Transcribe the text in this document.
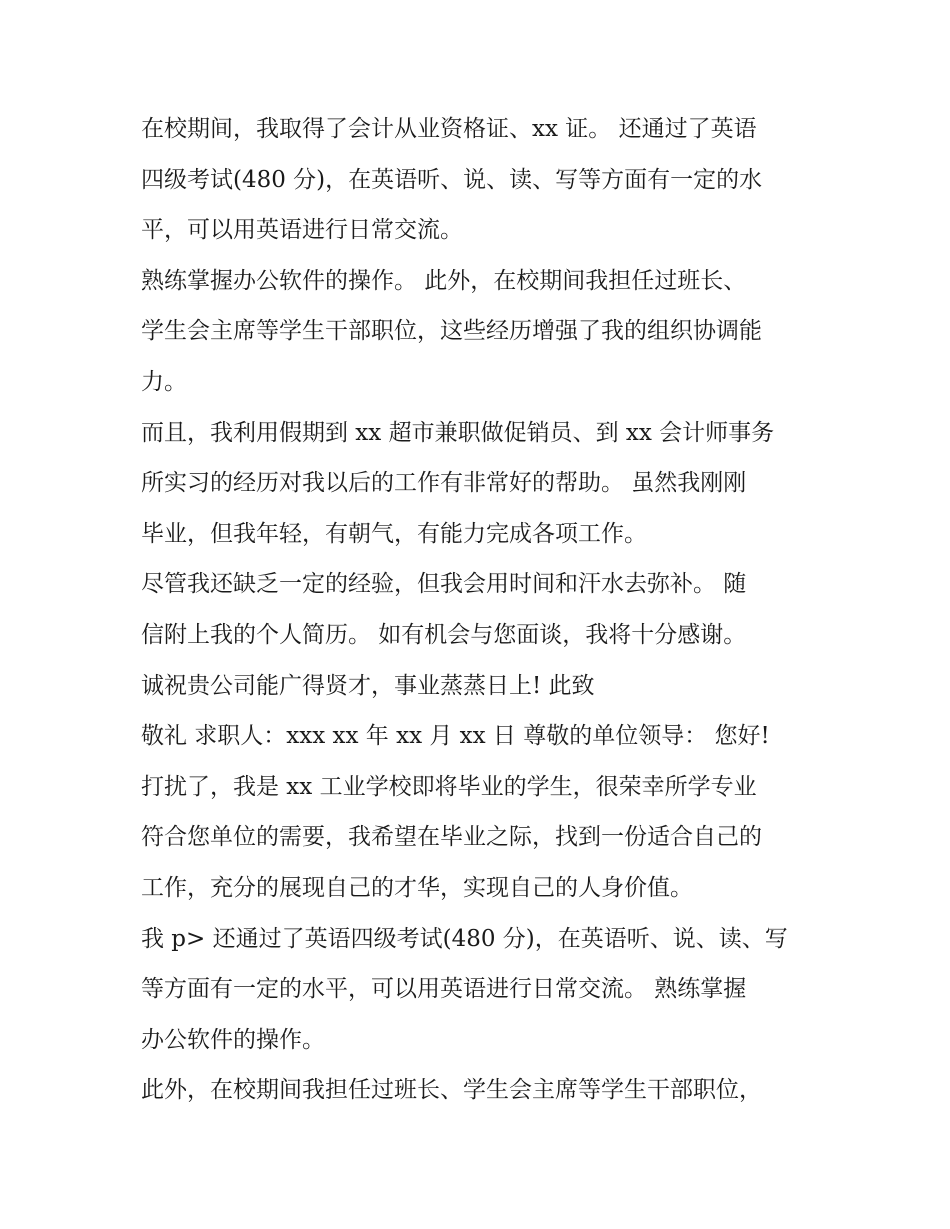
在校期间，我取得了会计从业资格证、xx 证。 还通过了英语
四级考试(480 分)，在英语听、说、读、写等方面有一定的水
平，可以用英语进行日常交流。
熟练掌握办公软件的操作。 此外，在校期间我担任过班长、
学生会主席等学生干部职位，这些经历增强了我的组织协调能
力。
而且，我利用假期到 xx 超市兼职做促销员、到 xx 会计师事务
所实习的经历对我以后的工作有非常好的帮助。 虽然我刚刚
毕业，但我年轻，有朝气，有能力完成各项工作。
尽管我还缺乏一定的经验，但我会用时间和汗水去弥补。 随
信附上我的个人简历。 如有机会与您面谈，我将十分感谢。
诚祝贵公司能广得贤才，事业蒸蒸日上! 此致
敬礼 求职人：xxx xx 年 xx 月 xx 日 尊敬的单位领导： 您好!
打扰了，我是 xx 工业学校即将毕业的学生，很荣幸所学专业
符合您单位的需要，我希望在毕业之际，找到一份适合自己的
工作，充分的展现自己的才华，实现自己的人身价值。
我 p> 还通过了英语四级考试(480 分)，在英语听、说、读、写
等方面有一定的水平，可以用英语进行日常交流。 熟练掌握
办公软件的操作。
此外，在校期间我担任过班长、学生会主席等学生干部职位，
